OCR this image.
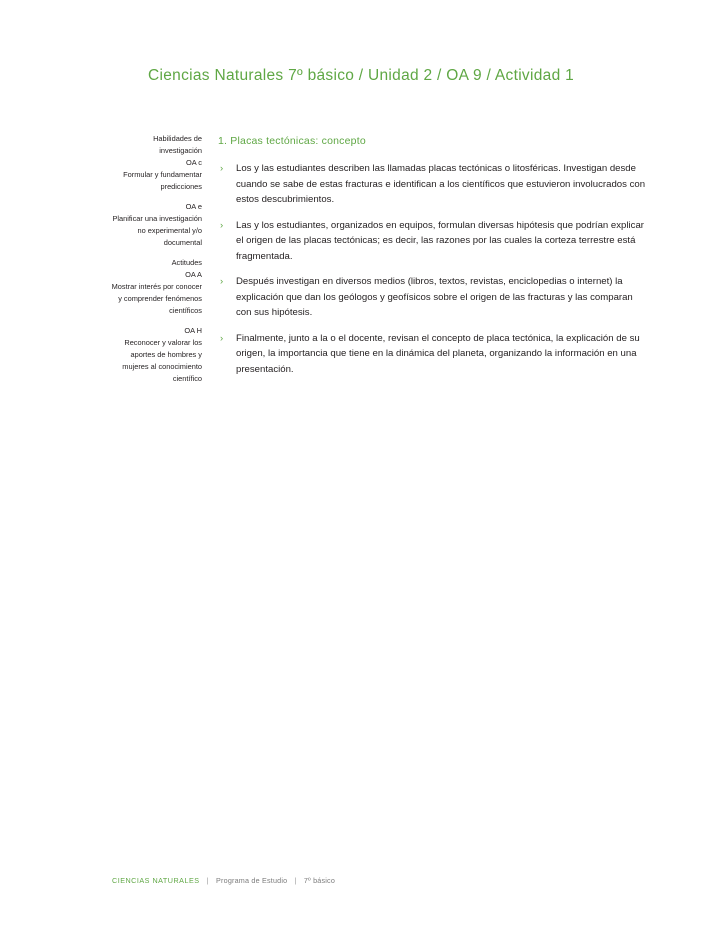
Ciencias Naturales 7º básico / Unidad 2 / OA 9 / Actividad 1
Habilidades de
investigación
OA c
Formular y fundamentar
predicciones
OA e
Planificar una investigación
no experimental y/o
documental
Actitudes
OA A
Mostrar interés por conocer
y comprender fenómenos
científicos
OA H
Reconocer y valorar los
aportes de hombres y
mujeres al conocimiento
científico
1. Placas tectónicas: concepto
› Los y las estudiantes describen las llamadas placas tectónicas o litosféricas. Investigan desde cuando se sabe de estas fracturas e identifican a los científicos que estuvieron involucrados con estos descubrimientos.
› Las y los estudiantes, organizados en equipos, formulan diversas hipótesis que podrían explicar el origen de las placas tectónicas; es decir, las razones por las cuales la corteza terrestre está fragmentada.
› Después investigan en diversos medios (libros, textos, revistas, enciclopedias o internet) la explicación que dan los geólogos y geofísicos sobre el origen de las fracturas y las comparan con sus hipótesis.
› Finalmente, junto a la o el docente, revisan el concepto de placa tectónica, la explicación de su origen, la importancia que tiene en la dinámica del planeta, organizando la información en una presentación.
CIENCIAS NATURALES | Programa de Estudio | 7º básico
